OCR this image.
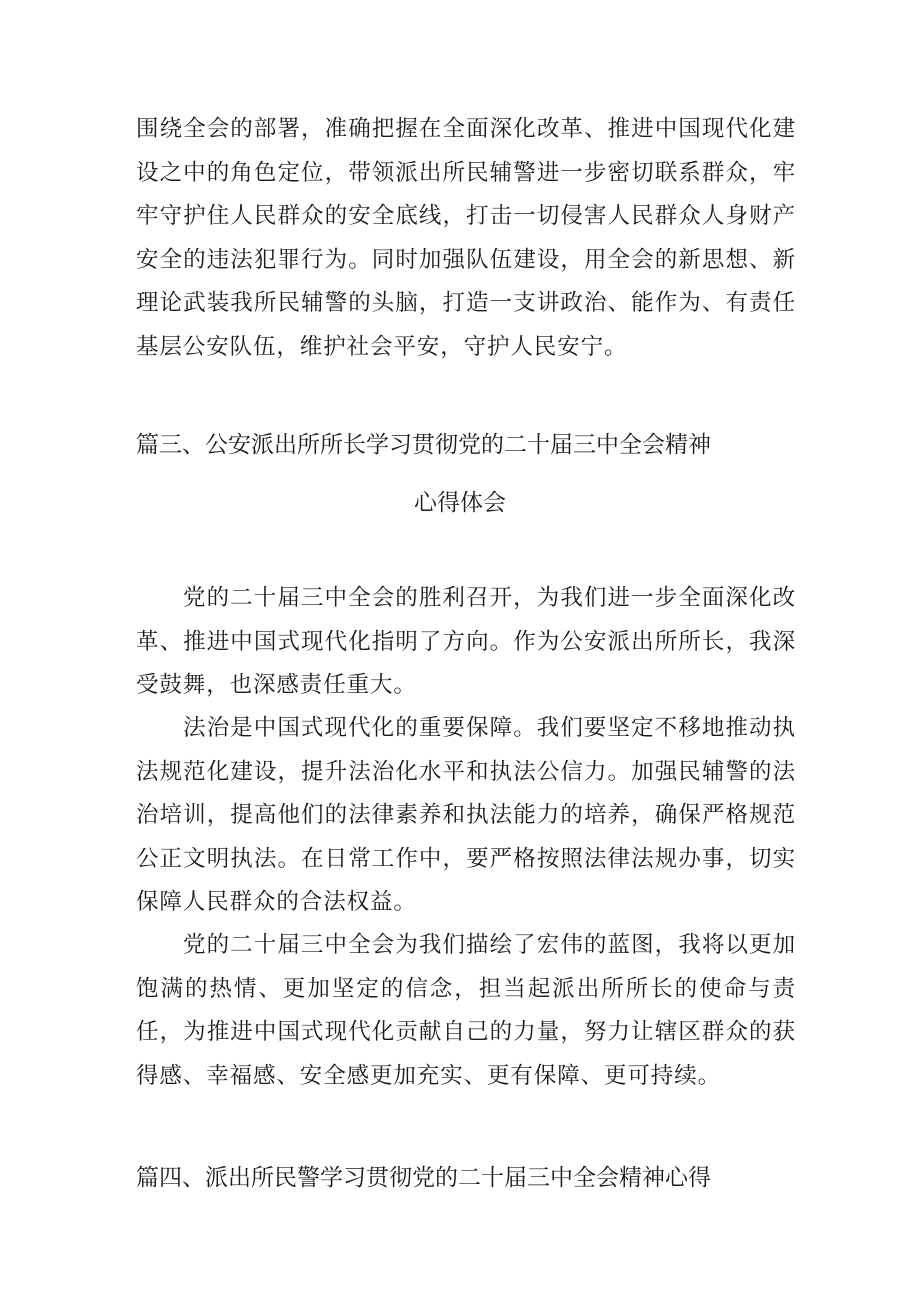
围绕全会的部署，准确把握在全面深化改革、推进中国现代化建设之中的角色定位，带领派出所民辅警进一步密切联系群众，牢牢守护住人民群众的安全底线，打击一切侵害人民群众人身财产安全的违法犯罪行为。同时加强队伍建设，用全会的新思想、新理论武装我所民辅警的头脑，打造一支讲政治、能作为、有责任基层公安队伍，维护社会平安，守护人民安宁。

篇三、公安派出所所长学习贯彻党的二十届三中全会精神
心得体会

党的二十届三中全会的胜利召开，为我们进一步全面深化改革、推进中国式现代化指明了方向。作为公安派出所所长，我深受鼓舞，也深感责任重大。

法治是中国式现代化的重要保障。我们要坚定不移地推动执法规范化建设，提升法治化水平和执法公信力。加强民辅警的法治培训，提高他们的法律素养和执法能力的培养，确保严格规范公正文明执法。在日常工作中，要严格按照法律法规办事，切实保障人民群众的合法权益。

党的二十届三中全会为我们描绘了宏伟的蓝图，我将以更加饱满的热情、更加坚定的信念，担当起派出所所长的使命与责任，为推进中国式现代化贡献自己的力量，努力让辖区群众的获得感、幸福感、安全感更加充实、更有保障、更可持续。

篇四、派出所民警学习贯彻党的二十届三中全会精神心得
